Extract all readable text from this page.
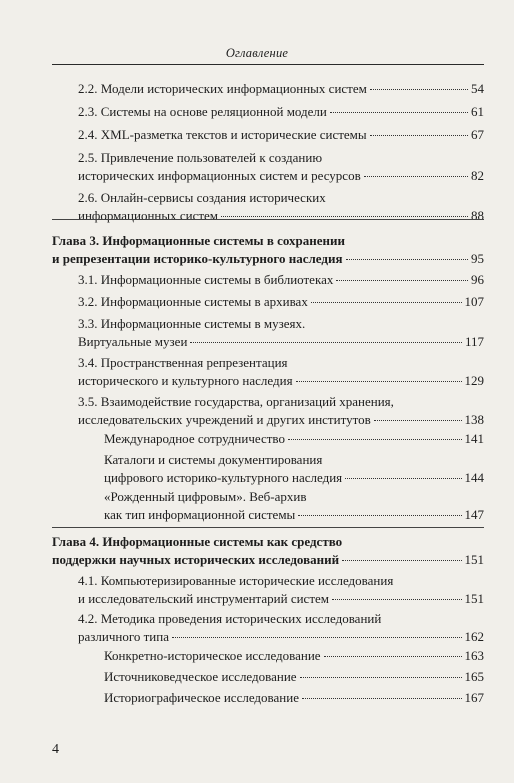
Оглавление
2.2. Модели исторических информационных систем	54
2.3. Системы на основе реляционной модели	61
2.4. XML-разметка текстов и исторические системы	67
2.5. Привлечение пользователей к созданию
исторических информационных систем и ресурсов	82
2.6. Онлайн-сервисы создания исторических
информационных систем	88
Глава 3. Информационные системы в сохранении
и репрезентации историко-культурного наследия	95
3.1. Информационные системы в библиотеках	96
3.2. Информационные системы в архивах	107
3.3. Информационные системы в музеях.
Виртуальные музеи	117
3.4. Пространственная репрезентация
исторического и культурного наследия	129
3.5. Взаимодействие государства, организаций хранения,
исследовательских учреждений и других институтов	138
Международное сотрудничество	141
Каталоги и системы документирования
цифрового историко-культурного наследия	144
«Рожденный цифровым». Веб-архив
как тип информационной системы	147
Глава 4. Информационные системы как средство
поддержки научных исторических исследований	151
4.1. Компьютеризированные исторические исследования
и исследовательский инструментарий систем	151
4.2. Методика проведения исторических исследований
различного типа	162
Конкретно-историческое исследование	163
Источниковедческое исследование	165
Историографическое исследование	167
4
